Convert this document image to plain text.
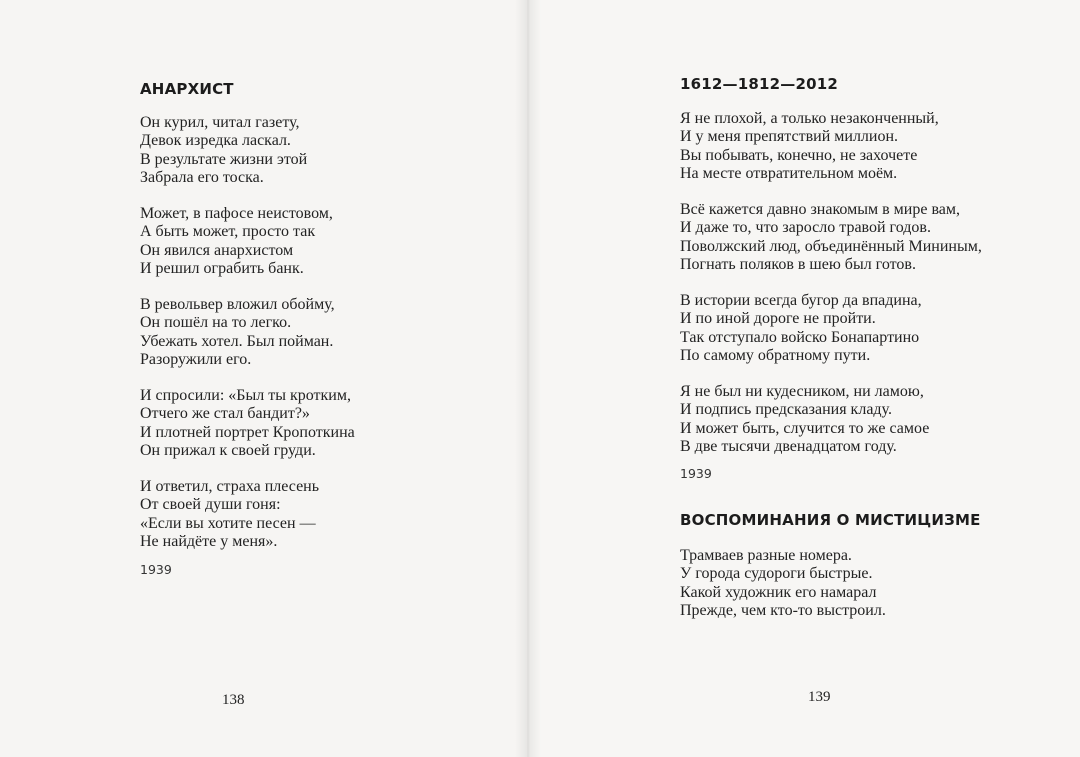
АНАРХИСТ
Он курил, читал газету,
Девок изредка ласкал.
В результате жизни этой
Забрала его тоска.
Может, в пафосе неистовом,
А быть может, просто так
Он явился анархистом
И решил ограбить банк.
В револьвер вложил обойму,
Он пошёл на то легко.
Убежать хотел. Был пойман.
Разоружили его.
И спросили: «Был ты кротким,
Отчего же стал бандит?»
И плотней портрет Кропоткина
Он прижал к своей груди.
И ответил, страха плесень
От своей души гоня:
«Если вы хотите песен —
Не найдёте у меня».
1939
138
1612—1812—2012
Я не плохой, а только незаконченный,
И у меня препятствий миллион.
Вы побывать, конечно, не захочете
На месте отвратительном моём.
Всё кажется давно знакомым в мире вам,
И даже то, что заросло травой годов.
Поволжский люд, объединённый Мининым,
Погнать поляков в шею был готов.
В истории всегда бугор да впадина,
И по иной дороге не пройти.
Так отступало войско Бонапартино
По самому обратному пути.
Я не был ни кудесником, ни ламою,
И подпись предсказания кладу.
И может быть, случится то же самое
В две тысячи двенадцатом году.
1939
ВОСПОМИНАНИЯ О МИСТИЦИЗМЕ
Трамваев разные номера.
У города судороги быстрые.
Какой художник его намарал
Прежде, чем кто-то выстроил.
139
